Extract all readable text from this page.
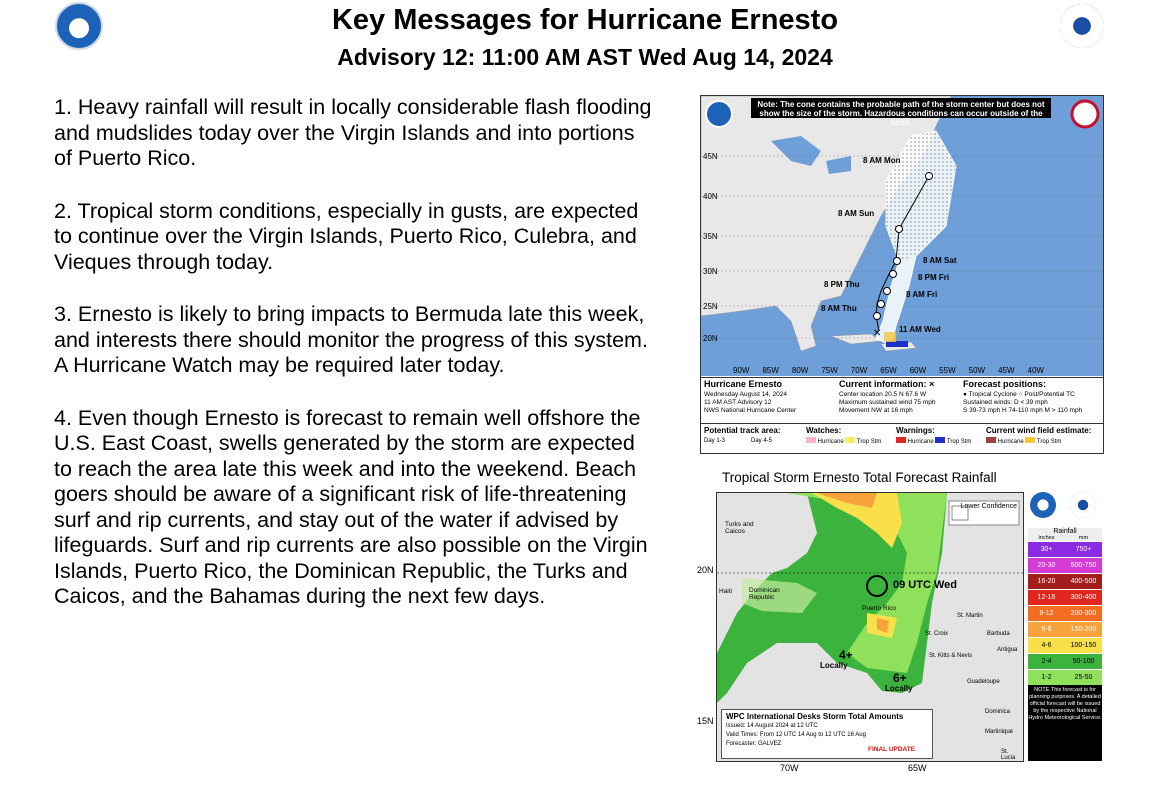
Key Messages for Hurricane Ernesto
Advisory 12: 11:00 AM AST Wed Aug 14, 2024

1. Heavy rainfall will result in locally considerable flash flooding and mudslides today over the Virgin Islands and into portions of Puerto Rico.

2. Tropical storm conditions, especially in gusts, are expected to continue over the Virgin Islands, Puerto Rico, Culebra, and Vieques through today.

3. Ernesto is likely to bring impacts to Bermuda late this week, and interests there should monitor the progress of this system. A Hurricane Watch may be required later today.

4. Even though Ernesto is forecast to remain well offshore the U.S. East Coast, swells generated by the storm are expected to reach the area late this week and into the weekend. Beach goers should be aware of a significant risk of life-threatening surf and rip currents, and stay out of the water if advised by lifeguards. Surf and rip currents are also possible on the Virgin Islands, Puerto Rico, the Dominican Republic, the Turks and Caicos, and the Bahamas during the next few days.

✕
Note: The cone contains the probable path of the storm center but does not show the size of the storm. Hazardous conditions can occur outside of the cone.
45N
40N
35N
30N
25N
20N
90W 85W 80W 75W 70W 65W 60W 55W 50W 45W 40W
8 AM Mon
8 AM Sun
8 AM Sat
8 PM Fri
8 AM Fri
8 PM Thu
8 AM Thu
11 AM Wed
Hurricane Ernesto
Wednesday August 14, 2024
11 AM AST Advisory 12
NWS National Hurricane Center
Current information: ×
Center location 20.5 N 67.6 W
Maximum sustained wind 75 mph
Movement NW at 16 mph
Forecast positions:
● Tropical Cyclone ○ Post/Potential TC
Sustained winds: D < 39 mph
S 39-73 mph H 74-110 mph M > 110 mph
Potential track area:
Day 1-3	Day 4-5
Watches:
Hurricane Trop Stm
Warnings:
Hurricane Trop Stm
Current wind field estimate:
Hurricane Trop Stm
Tropical Storm Ernesto Total Forecast Rainfall
Lower Confidence
09 UTC Wed
Turks and Caicos
Haiti	Dominican Republic
Puerto Rico
St. Martin
Barbuda
St. Croix
Antigua
St. Kitts & Nevis
Guadeloupe
Dominica
Martinique
St. Lucia
4+
Locally
6+
Locally
WPC International Desks Storm Total Amounts
Issued: 14 August 2024 at 12 UTC
Valid Times: From 12 UTC 14 Aug to 12 UTC 16 Aug
Forecaster: GALVEZ
FINAL UPDATE
20N
15N
70W	65W
Rainfall
inches	mm
30+	750+
20-30	500-750
16-20	400-500
12-16	300-400
8-12	200-300
6-8	150-200
4-6	100-150
2-4	50-100
1-2	25-50
NOTE This forecast is for planning purposes. A detailed official forecast will be issued by the respective National Hydro Meteorological Service.
